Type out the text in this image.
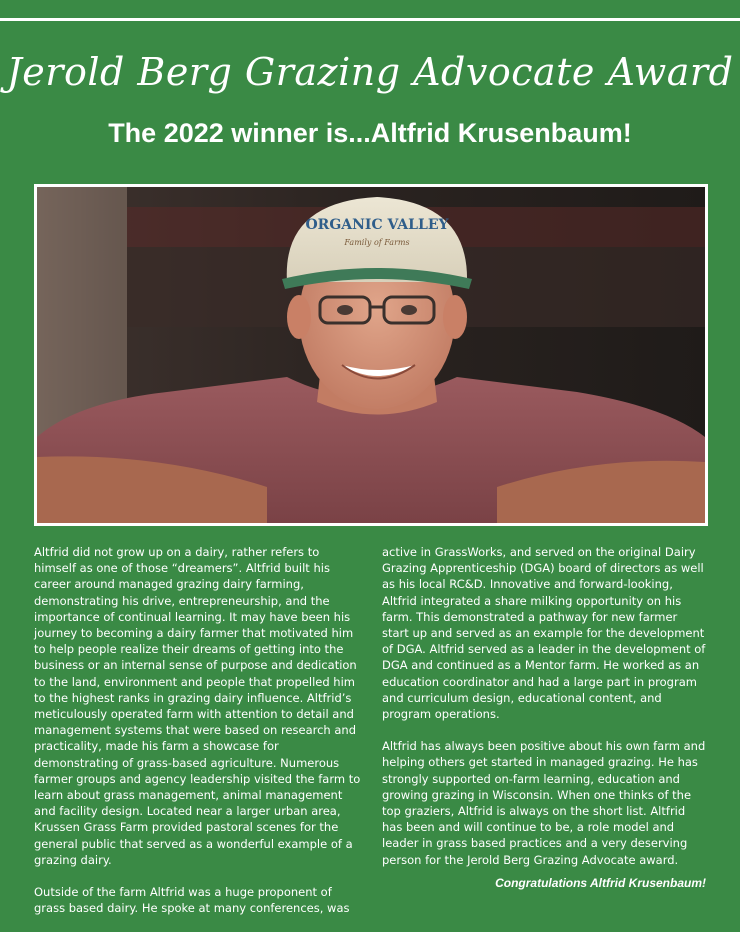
Jerold Berg Grazing Advocate Award
The 2022 winner is...Altfrid Krusenbaum!
ORGANIC VALLEY
Family of Farms

Altfrid did not grow up on a dairy, rather refers to himself as one of those “dreamers”. Altfrid built his career around managed grazing dairy farming, demonstrating his drive, entrepreneurship, and the importance of continual learning. It may have been his journey to becoming a dairy farmer that motivated him to help people realize their dreams of getting into the business or an internal sense of purpose and dedication to the land, environment and people that propelled him to the highest ranks in grazing dairy influence. Altfrid’s meticulously operated farm with attention to detail and management systems that were based on research and practicality, made his farm a showcase for demonstrating of grass-based agriculture. Numerous farmer groups and agency leadership visited the farm to learn about grass management, animal management and facility design. Located near a larger urban area, Krussen Grass Farm provided pastoral scenes for the general public that served as a wonderful example of a grazing dairy.

Outside of the farm Altfrid was a huge proponent of grass based dairy. He spoke at many conferences, was

active in GrassWorks, and served on the original Dairy Grazing Apprenticeship (DGA) board of directors as well as his local RC&D. Innovative and forward-looking, Altfrid integrated a share milking opportunity on his farm. This demonstrated a pathway for new farmer start up and served as an example for the development of DGA. Altfrid served as a leader in the development of DGA and continued as a Mentor farm. He worked as an education coordinator and had a large part in program and curriculum design, educational content, and program operations.

Altfrid has always been positive about his own farm and helping others get started in managed grazing. He has strongly supported on-farm learning, education and growing grazing in Wisconsin. When one thinks of the top graziers, Altfrid is always on the short list. Altfrid has been and will continue to be, a role model and leader in grass based practices and a very deserving person for the Jerold Berg Grazing Advocate award.

Congratulations Altfrid Krusenbaum!
